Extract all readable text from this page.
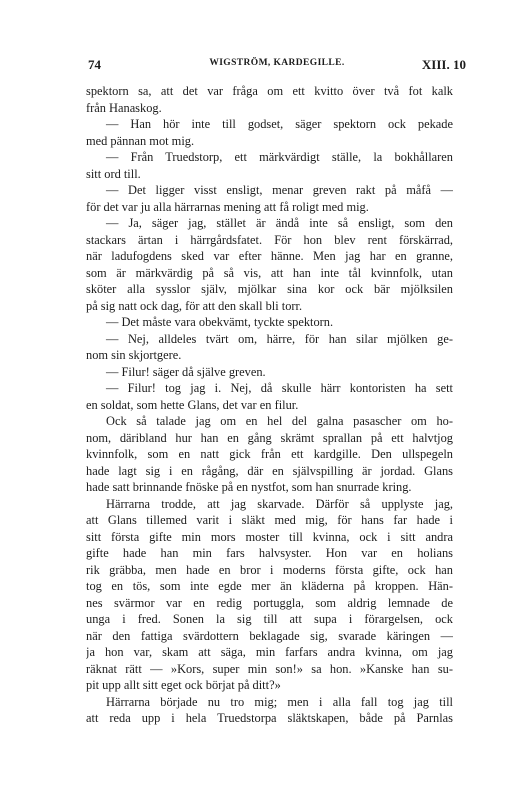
74	WIGSTRÖM, KARDEGILLE.	XIII. 10
spektorn sa, att det var fråga om ett kvitto över två fot kalk
från Hanaskog.
— Han hör inte till godset, säger spektorn ock pekade
med pännan mot mig.
— Från Truedstorp, ett märkvärdigt ställe, la bokhållaren
sitt ord till.
— Det ligger visst ensligt, menar greven rakt på måfå —
för det var ju alla härrarnas mening att få roligt med mig.
— Ja, säger jag, stället är ändå inte så ensligt, som den
stackars ärtan i härrgårdsfatet. För hon blev rent förskärrad,
när ladufogdens sked var efter hänne. Men jag har en granne,
som är märkvärdig på så vis, att han inte tål kvinnfolk, utan
sköter alla sysslor själv, mjölkar sina kor ock bär mjölksilen
på sig natt ock dag, för att den skall bli torr.
— Det måste vara obekvämt, tyckte spektorn.
— Nej, alldeles tvärt om, härre, för han silar mjölken ge-
nom sin skjortgere.
— Filur! säger då själve greven.
— Filur! tog jag i. Nej, då skulle härr kontoristen ha sett
en soldat, som hette Glans, det var en filur.
Ock så talade jag om en hel del galna pasascher om ho-
nom, däribland hur han en gång skrämt sprallan på ett halvtjog
kvinnfolk, som en natt gick från ett kardgille. Den ullspegeln
hade lagt sig i en rågång, där en självspilling är jordad. Glans
hade satt brinnande fnöske på en nystfot, som han snurrade kring.
Härrarna trodde, att jag skarvade. Därför så upplyste jag,
att Glans tillemed varit i släkt med mig, för hans far hade i
sitt första gifte min mors moster till kvinna, ock i sitt andra
gifte hade han min fars halvsyster. Hon var en holians
rik gräbba, men hade en bror i moderns första gifte, ock han
tog en tös, som inte egde mer än kläderna på kroppen. Hän-
nes svärmor var en redig portuggla, som aldrig lemnade de
unga i fred. Sonen la sig till att supa i förargelsen, ock
när den fattiga svärdottern beklagade sig, svarade käringen —
ja hon var, skam att säga, min farfars andra kvinna, om jag
räknat rätt — »Kors, super min son!» sa hon. »Kanske han su-
pit upp allt sitt eget ock börjat på ditt?»
Härrarna började nu tro mig; men i alla fall tog jag till
att reda upp i hela Truedstorpa släktskapen, både på Parnlas
